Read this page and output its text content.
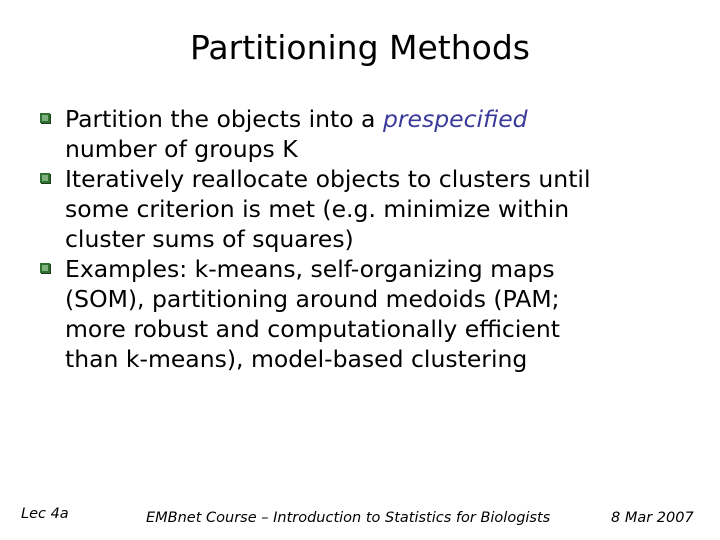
Partitioning Methods
Partition the objects into a prespecified
number of groups K
Iteratively reallocate objects to clusters until
some criterion is met (e.g. minimize within
cluster sums of squares)
Examples: k-means, self-organizing maps
(SOM), partitioning around medoids (PAM;
more robust and computationally efficient
than k-means), model-based clustering
Lec 4a	EMBnet Course – Introduction to Statistics for Biologists	8 Mar 2007
